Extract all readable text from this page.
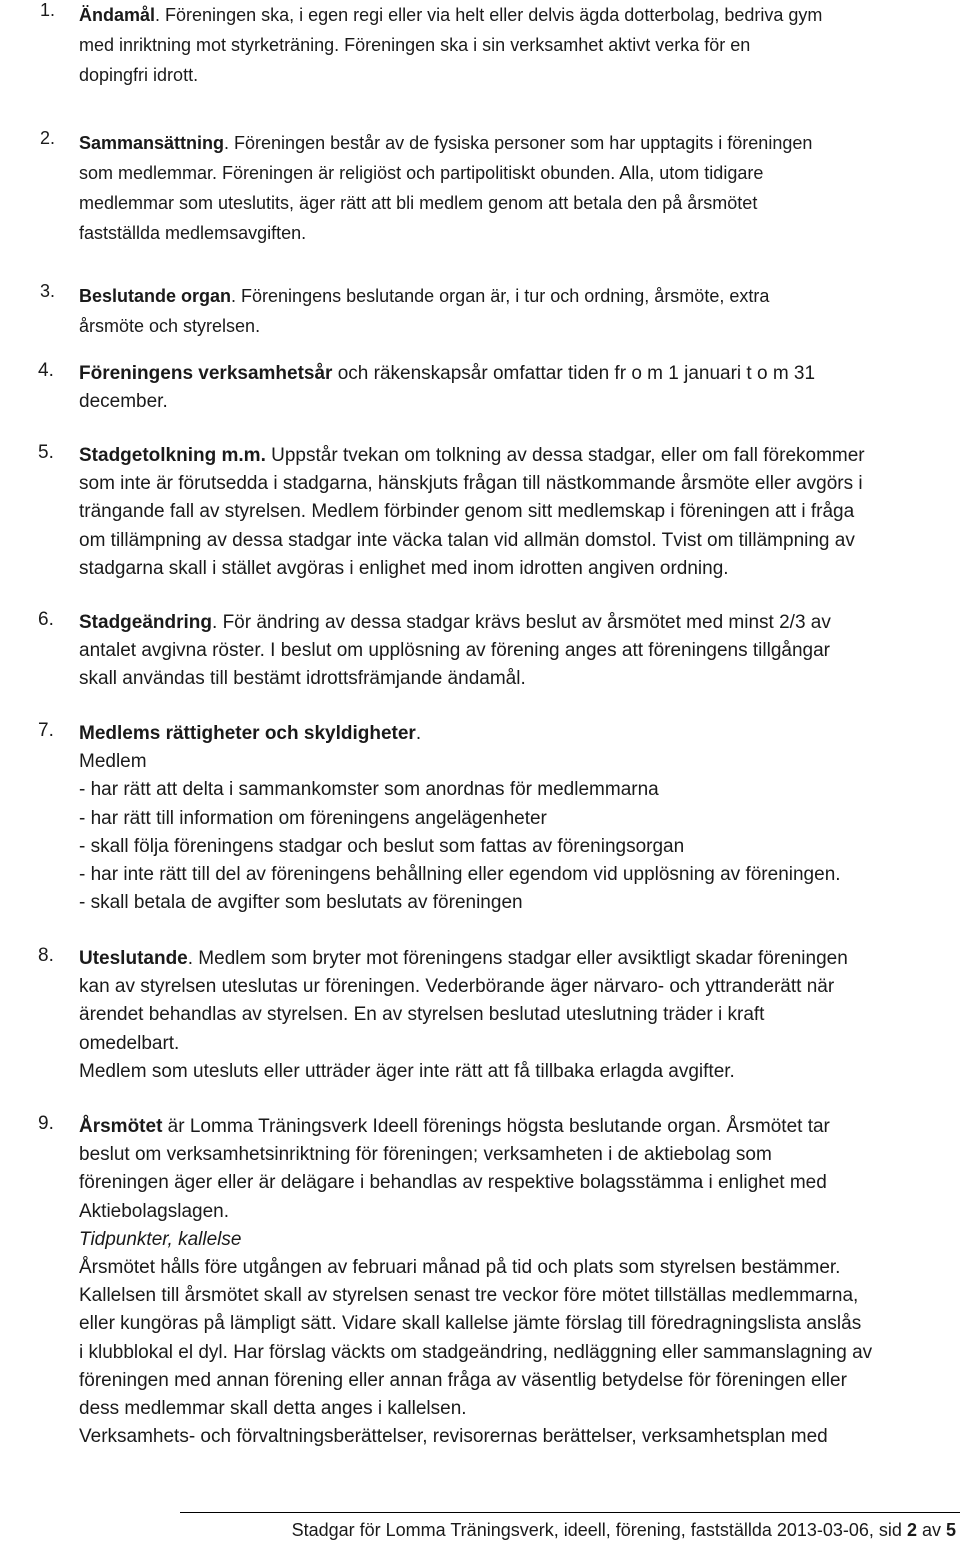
1. Ändamål. Föreningen ska, i egen regi eller via helt eller delvis ägda dotterbolag, bedriva gym
med inriktning mot styrketräning. Föreningen ska i sin verksamhet aktivt verka för en
dopingfri idrott.
2. Sammansättning. Föreningen består av de fysiska personer som har upptagits i föreningen
som medlemmar. Föreningen är religiöst och partipolitiskt obunden. Alla, utom tidigare
medlemmar som uteslutits, äger rätt att bli medlem genom att betala den på årsmötet
fastställda medlemsavgiften.
3. Beslutande organ. Föreningens beslutande organ är, i tur och ordning, årsmöte, extra
årsmöte och styrelsen.
4. Föreningens verksamhetsår och räkenskapsår omfattar tiden fr o m 1 januari t o m 31
december.
5. Stadgetolkning m.m. Uppstår tvekan om tolkning av dessa stadgar, eller om fall förekommer
som inte är förutsedda i stadgarna, hänskjuts frågan till nästkommande årsmöte eller avgörs i
trängande fall av styrelsen. Medlem förbinder genom sitt medlemskap i föreningen att i fråga
om tillämpning av dessa stadgar inte väcka talan vid allmän domstol. Tvist om tillämpning av
stadgarna skall i stället avgöras i enlighet med inom idrotten angiven ordning.
6. Stadgeändring. För ändring av dessa stadgar krävs beslut av årsmötet med minst 2/3 av
antalet avgivna röster. I beslut om upplösning av förening anges att föreningens tillgångar
skall användas till bestämt idrottsfrämjande ändamål.
7. Medlems rättigheter och skyldigheter.
Medlem
- har rätt att delta i sammankomster som anordnas för medlemmarna
- har rätt till information om föreningens angelägenheter
- skall följa föreningens stadgar och beslut som fattas av föreningsorgan
- har inte rätt till del av föreningens behållning eller egendom vid upplösning av föreningen.
- skall betala de avgifter som beslutats av föreningen
8. Uteslutande. Medlem som bryter mot föreningens stadgar eller avsiktligt skadar föreningen
kan av styrelsen uteslutas ur föreningen. Vederbörande äger närvaro- och yttranderätt när
ärendet behandlas av styrelsen. En av styrelsen beslutad uteslutning träder i kraft
omedelbart.
Medlem som utesluts eller utträder äger inte rätt att få tillbaka erlagda avgifter.
9. Årsmötet är Lomma Träningsverk Ideell förenings högsta beslutande organ. Årsmötet tar
beslut om verksamhetsinriktning för föreningen; verksamheten i de aktiebolag som
föreningen äger eller är delägare i behandlas av respektive bolagsstämma i enlighet med
Aktiebolagslagen.
Tidpunkter, kallelse
Årsmötet hålls före utgången av februari månad på tid och plats som styrelsen bestämmer.
Kallelsen till årsmötet skall av styrelsen senast tre veckor före mötet tillställas medlemmarna,
eller kungöras på lämpligt sätt. Vidare skall kallelse jämte förslag till föredragningslista anslås
i klubblokal el dyl. Har förslag väckts om stadgeändring, nedläggning eller sammanslagning av
föreningen med annan förening eller annan fråga av väsentlig betydelse för föreningen eller
dess medlemmar skall detta anges i kallelsen.
Verksamhets- och förvaltningsberättelser, revisorernas berättelser, verksamhetsplan med
Stadgar för Lomma Träningsverk, ideell, förening, fastställda 2013-03-06, sid 2 av 5
